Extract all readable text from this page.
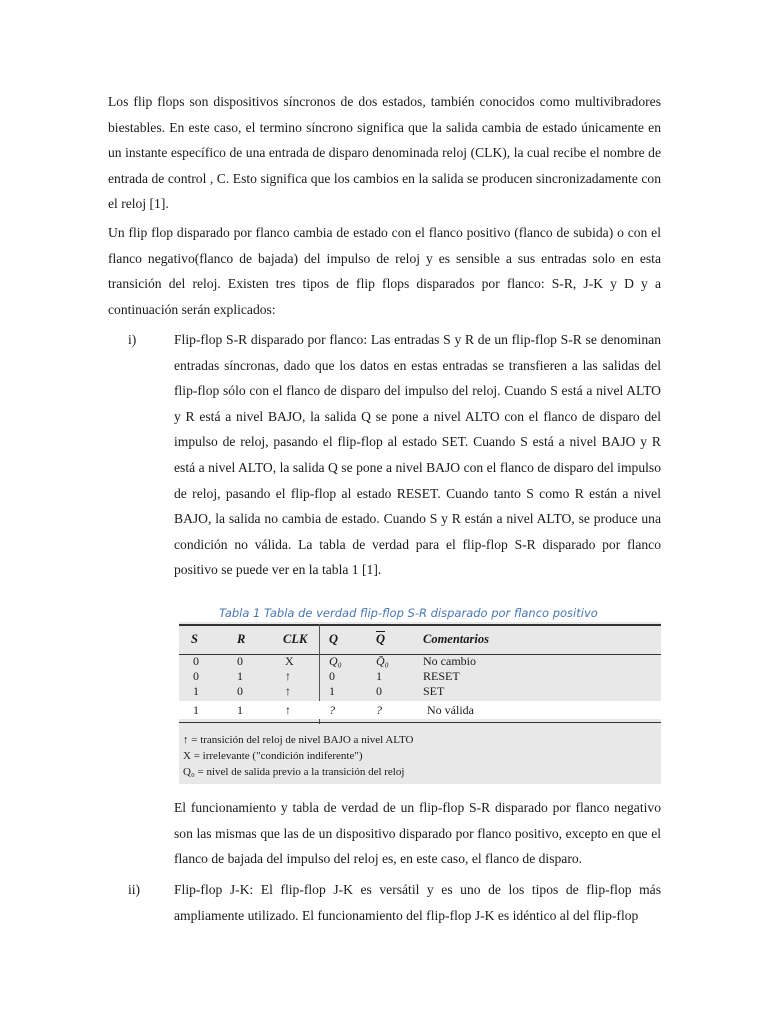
Los flip flops son dispositivos síncronos de dos estados, también conocidos como multivibradores biestables. En este caso, el termino síncrono significa que la salida cambia de estado únicamente en un instante específico de una entrada de disparo denominada reloj (CLK), la cual recibe el nombre de entrada de control , C. Esto significa que los cambios en la salida se producen sincronizadamente con el reloj [1].

Un flip flop disparado por flanco cambia de estado con el flanco positivo (flanco de subida) o con el flanco negativo(flanco de bajada) del impulso de reloj y es sensible a sus entradas solo en esta transición del reloj. Existen tres tipos de flip flops disparados por flanco: S-R, J-K y D y a continuación serán explicados:

i)	Flip-flop S-R disparado por flanco: Las entradas S y R de un flip-flop S-R se denominan entradas síncronas, dado que los datos en estas entradas se transfieren a las salidas del flip-flop sólo con el flanco de disparo del impulso del reloj. Cuando S está a nivel ALTO y R está a nivel BAJO, la salida Q se pone a nivel ALTO con el flanco de disparo del impulso de reloj, pasando el flip-flop al estado SET. Cuando S está a nivel BAJO y R está a nivel ALTO, la salida Q se pone a nivel BAJO con el flanco de disparo del impulso de reloj, pasando el flip-flop al estado RESET. Cuando tanto S como R están a nivel BAJO, la salida no cambia de estado. Cuando S y R están a nivel ALTO, se produce una condición no válida. La tabla de verdad para el flip-flop S-R disparado por flanco positivo se puede ver en la tabla 1 [1].

Tabla 1 Tabla de verdad flip-flop S-R disparado por flanco positivo
S	R	CLK Q	$\overline{Q}$	Comentarios
0	0	X	Q₀	Q̄₀	No cambio
0	1	↑	0	1	RESET
1	0	↑	1	0	SET
1	1	↑	?	?	No válida
↑ = transición del reloj de nivel BAJO a nivel ALTO
X = irrelevante ("condición indiferente")
Q₀ = nivel de salida previo a la transición del reloj

El funcionamiento y tabla de verdad de un flip-flop S-R disparado por flanco negativo son las mismas que las de un dispositivo disparado por flanco positivo, excepto en que el flanco de bajada del impulso del reloj es, en este caso, el flanco de disparo.

ii) Flip-flop J-K: El flip-flop J-K es versátil y es uno de los tipos de flip-flop más ampliamente utilizado. El funcionamiento del flip-flop J-K es idéntico al del flip-flop
